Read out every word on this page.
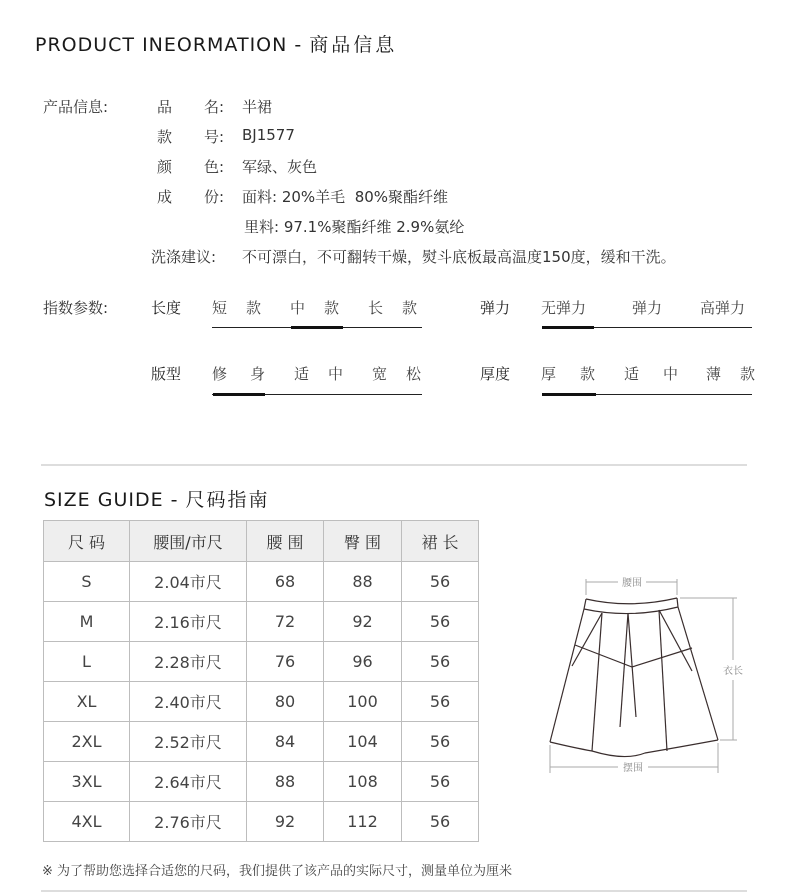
PRODUCT INEORMATION - 商品信息
产品信息:	品 名: 半裙
款 号: BJ1577
颜 色: 军绿、灰色
成 份: 面料: 20%羊毛  80%聚酯纤维
里料: 97.1%聚酯纤维 2.9%氨纶
洗涤建议: 不可漂白，不可翻转干燥，熨斗底板最高温度150度，缓和干洗。
指数参数:	长度 短 款 中 款 长 款	弹力 无弹力	弹力	高弹力
版型 修 身 适 中 宽 松	厚度 厚 款 适 中 薄 款
SIZE GUIDE - 尺码指南
尺 码	腰围/市尺	腰 围	臀 围	裙 长
S	2.04市尺	68	88	56
M	2.16市尺	72	92	56
L	2.28市尺	76	96	56
XL	2.40市尺	80	100	56
2XL	2.52市尺	84	104	56
3XL	2.64市尺	88	108	56
4XL	2.76市尺	92	112	56
腰围
衣长
摆围
※ 为了帮助您选择合适您的尺码，我们提供了该产品的实际尺寸，测量单位为厘米
